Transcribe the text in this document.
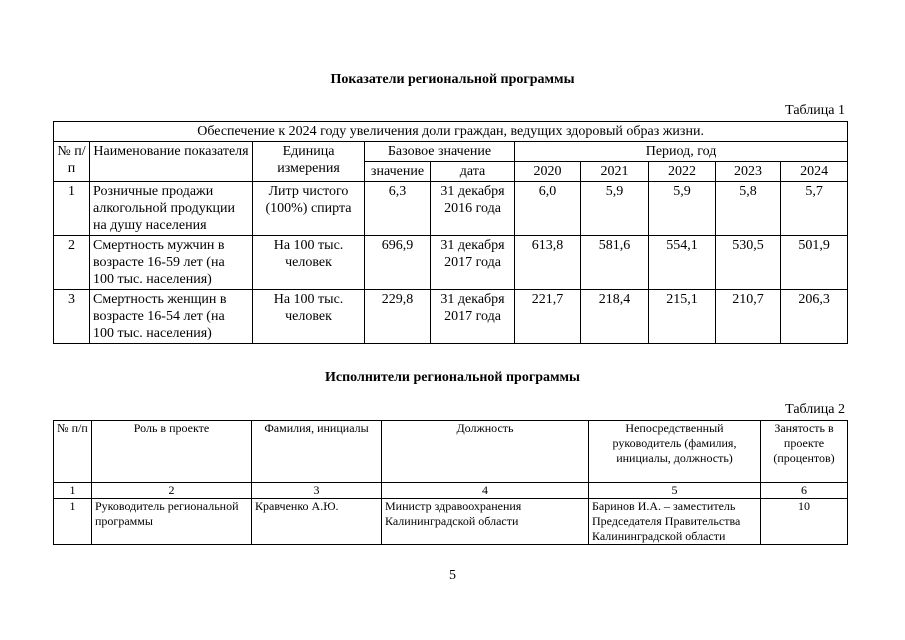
Показатели региональной программы
Таблица 1
Обеспечение к 2024 году увеличения доли граждан, ведущих здоровый образ жизни.									
№ п/п	Наименование показателя	Единица измерения	Базовое значение		Период, год				
			значение	дата	2020	2021	2022	2023	2024
1	Розничные продажи алкогольной продукции на душу населения	Литр чистого (100%) спирта	6,3	31 декабря 2016 года	6,0	5,9	5,9	5,8	5,7
2	Смертность мужчин в возрасте 16-59 лет (на 100 тыс. населения)	На 100 тыс. человек	696,9	31 декабря 2017 года	613,8	581,6	554,1	530,5	501,9
3	Смертность женщин в возрасте 16-54 лет (на 100 тыс. населения)	На 100 тыс. человек	229,8	31 декабря 2017 года	221,7	218,4	215,1	210,7	206,3
Исполнители региональной программы
Таблица 2
№ п/п	Роль в проекте	Фамилия, инициалы	Должность	Непосредственный руководитель (фамилия, инициалы, должность)	Занятость в проекте (процентов)
1	2	3	4	5	6
1	Руководитель региональной программы	Кравченко А.Ю.	Министр здравоохранения Калининградской области	Баринов И.А. – заместитель Председателя Правительства Калининградской области	10
5
